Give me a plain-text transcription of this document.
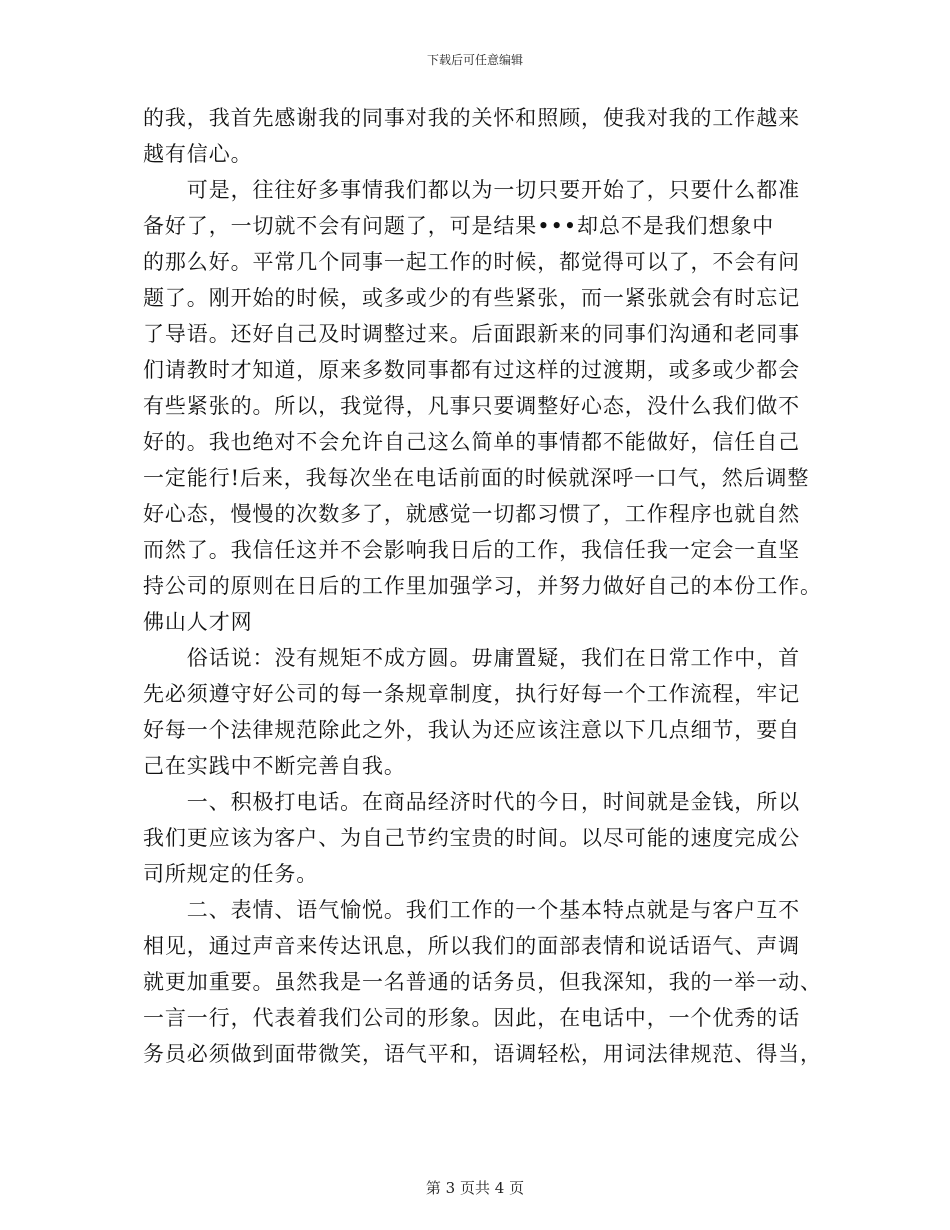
下载后可任意编辑
的我，我首先感谢我的同事对我的关怀和照顾，使我对我的工作越来
越有信心。
　　可是，往往好多事情我们都以为一切只要开始了，只要什么都准
备好了，一切就不会有问题了，可是结果•••却总不是我们想象中
的那么好。平常几个同事一起工作的时候，都觉得可以了，不会有问
题了。刚开始的时候，或多或少的有些紧张，而一紧张就会有时忘记
了导语。还好自己及时调整过来。后面跟新来的同事们沟通和老同事
们请教时才知道，原来多数同事都有过这样的过渡期，或多或少都会
有些紧张的。所以，我觉得，凡事只要调整好心态，没什么我们做不
好的。我也绝对不会允许自己这么简单的事情都不能做好，信任自己
一定能行!后来，我每次坐在电话前面的时候就深呼一口气，然后调整
好心态，慢慢的次数多了，就感觉一切都习惯了，工作程序也就自然
而然了。我信任这并不会影响我日后的工作，我信任我一定会一直坚
持公司的原则在日后的工作里加强学习，并努力做好自己的本份工作。
佛山人才网
　　俗话说：没有规矩不成方圆。毋庸置疑，我们在日常工作中，首
先必须遵守好公司的每一条规章制度，执行好每一个工作流程，牢记
好每一个法律规范除此之外，我认为还应该注意以下几点细节，要自
己在实践中不断完善自我。
　　一、积极打电话。在商品经济时代的今日，时间就是金钱，所以
我们更应该为客户、为自己节约宝贵的时间。以尽可能的速度完成公
司所规定的任务。
　　二、表情、语气愉悦。我们工作的一个基本特点就是与客户互不
相见，通过声音来传达讯息，所以我们的面部表情和说话语气、声调
就更加重要。虽然我是一名普通的话务员，但我深知，我的一举一动、
一言一行，代表着我们公司的形象。因此，在电话中，一个优秀的话
务员必须做到面带微笑，语气平和，语调轻松，用词法律规范、得当，
第 3 页共 4 页
